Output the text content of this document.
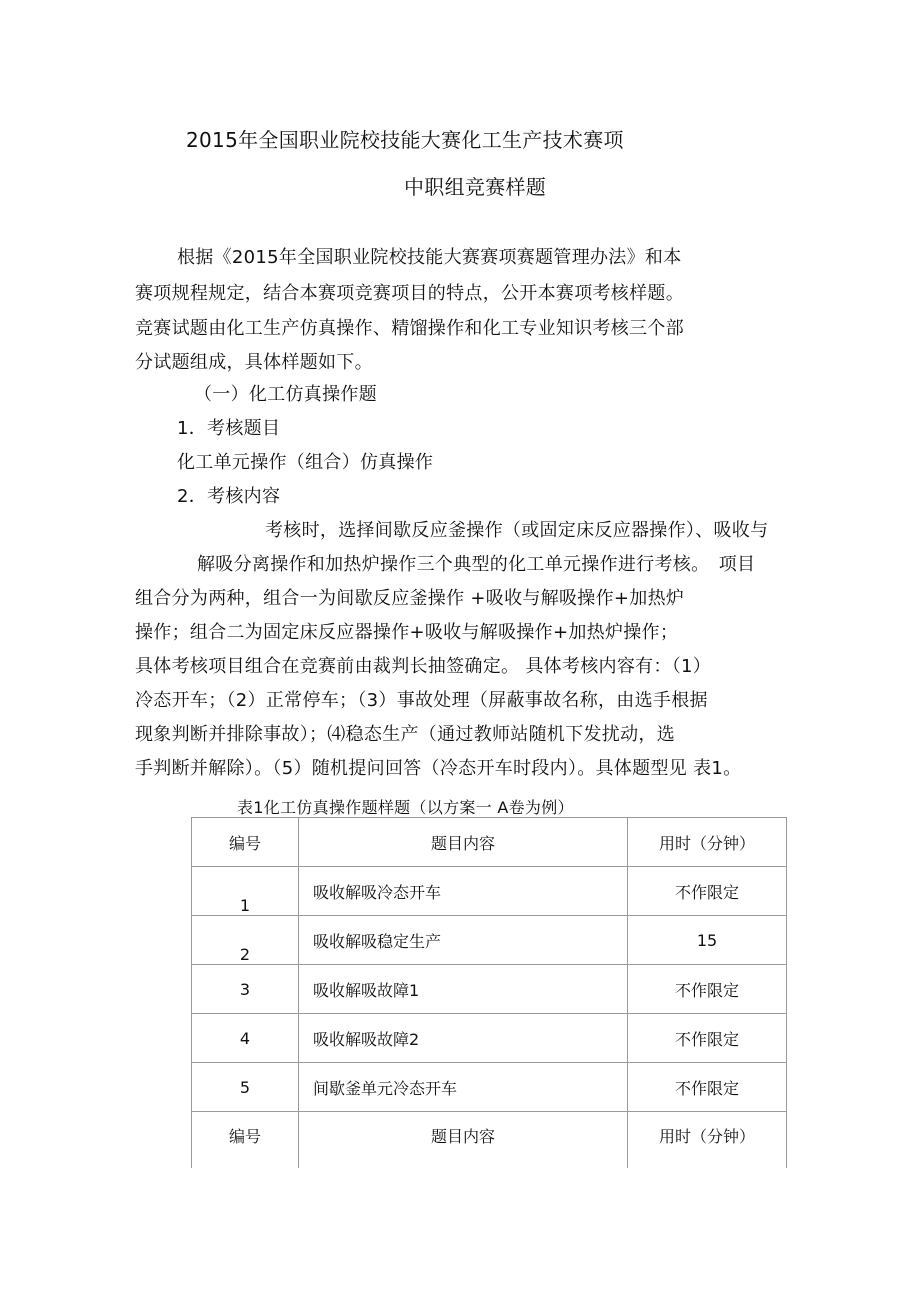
2015年全国职业院校技能大赛化工生产技术赛项
中职组竞赛样题
根据《2015年全国职业院校技能大赛赛项赛题管理办法》和本
赛项规程规定，结合本赛项竞赛项目的特点，公开本赛项考核样题。
竞赛试题由化工生产仿真操作、精馏操作和化工专业知识考核三个部
分试题组成，具体样题如下。
（一）化工仿真操作题
1．考核题目
化工单元操作（组合）仿真操作
2．考核内容
考核时，选择间歇反应釜操作（或固定床反应器操作）、吸收与
解吸分离操作和加热炉操作三个典型的化工单元操作进行考核。　项目
组合分为两种，组合一为间歇反应釜操作 +吸收与解吸操作+加热炉
操作；组合二为固定床反应器操作+吸收与解吸操作+加热炉操作；
具体考核项目组合在竞赛前由裁判长抽签确定。 具体考核内容有：（1）
冷态开车；（2）正常停车；（3）事故处理（屏蔽事故名称，由选手根据
现象判断并排除事故）；⑷稳态生产（通过教师站随机下发扰动，选
手判断并解除）。（5）随机提问回答（冷态开车时段内）。具体题型见 表1。
表1化工仿真操作题样题（以方案一 A卷为例）
编号	题目内容	用时（分钟）
1	吸收解吸冷态开车	不作限定
2	吸收解吸稳定生产	15
3	吸收解吸故障1	不作限定
4	吸收解吸故障2	不作限定
5	间歇釜单元冷态开车	不作限定
编号	题目内容	用时（分钟）
